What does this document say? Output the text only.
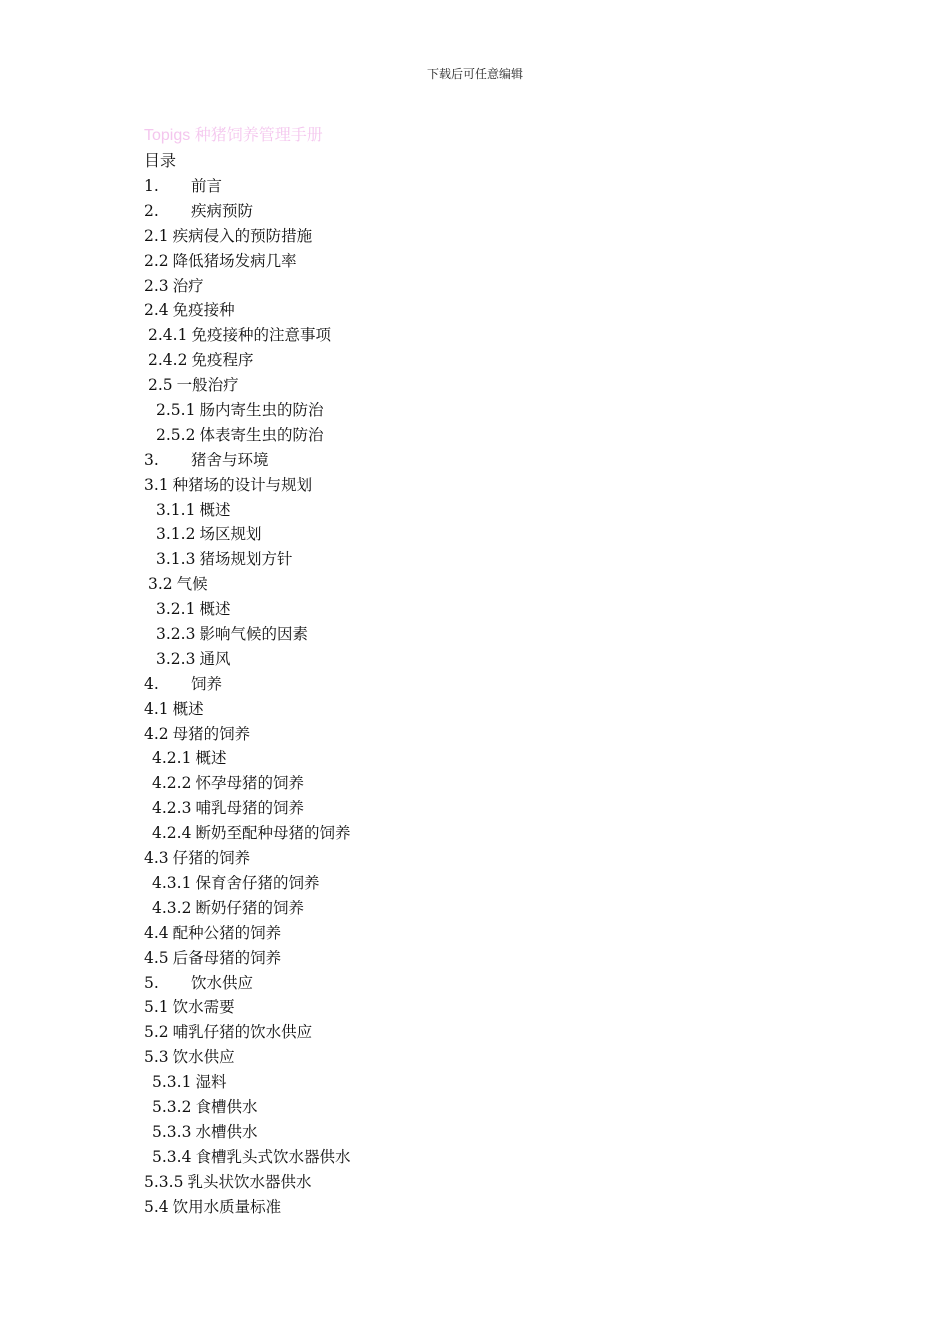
下载后可任意编辑
Topigs 种猪饲养管理手册
目录
1 . 前言
2 . 疾病预防
2.1 疾病侵入的预防措施
2.2 降低猪场发病几率
2.3 治疗
2.4 免疫接种
2.4.1 免疫接种的注意事项
2.4.2 免疫程序
2.5 一般治疗
2.5.1 肠内寄生虫的防治
2.5.2 体表寄生虫的防治
3 . 猪舍与环境
3.1 种猪场的设计与规划
3.1.1 概述
3.1.2 场区规划
3.1.3 猪场规划方针
3.2 气候
3.2.1 概述
3.2.3 影响气候的因素
3.2.3 通风
4 . 饲养
4.1 概述
4.2 母猪的饲养
4.2.1 概述
4.2.2 怀孕母猪的饲养
4.2.3 哺乳母猪的饲养
4.2.4 断奶至配种母猪的饲养
4.3 仔猪的饲养
4.3.1 保育舍仔猪的饲养
4.3.2 断奶仔猪的饲养
4.4 配种公猪的饲养
4.5 后备母猪的饲养
5 . 饮水供应
5.1 饮水需要
5.2 哺乳仔猪的饮水供应
5.3 饮水供应
5.3.1 湿料
5.3.2 食槽供水
5.3.3 水槽供水
5.3.4 食槽乳头式饮水器供水
5.3.5 乳头状饮水器供水
5.4 饮用水质量标准
